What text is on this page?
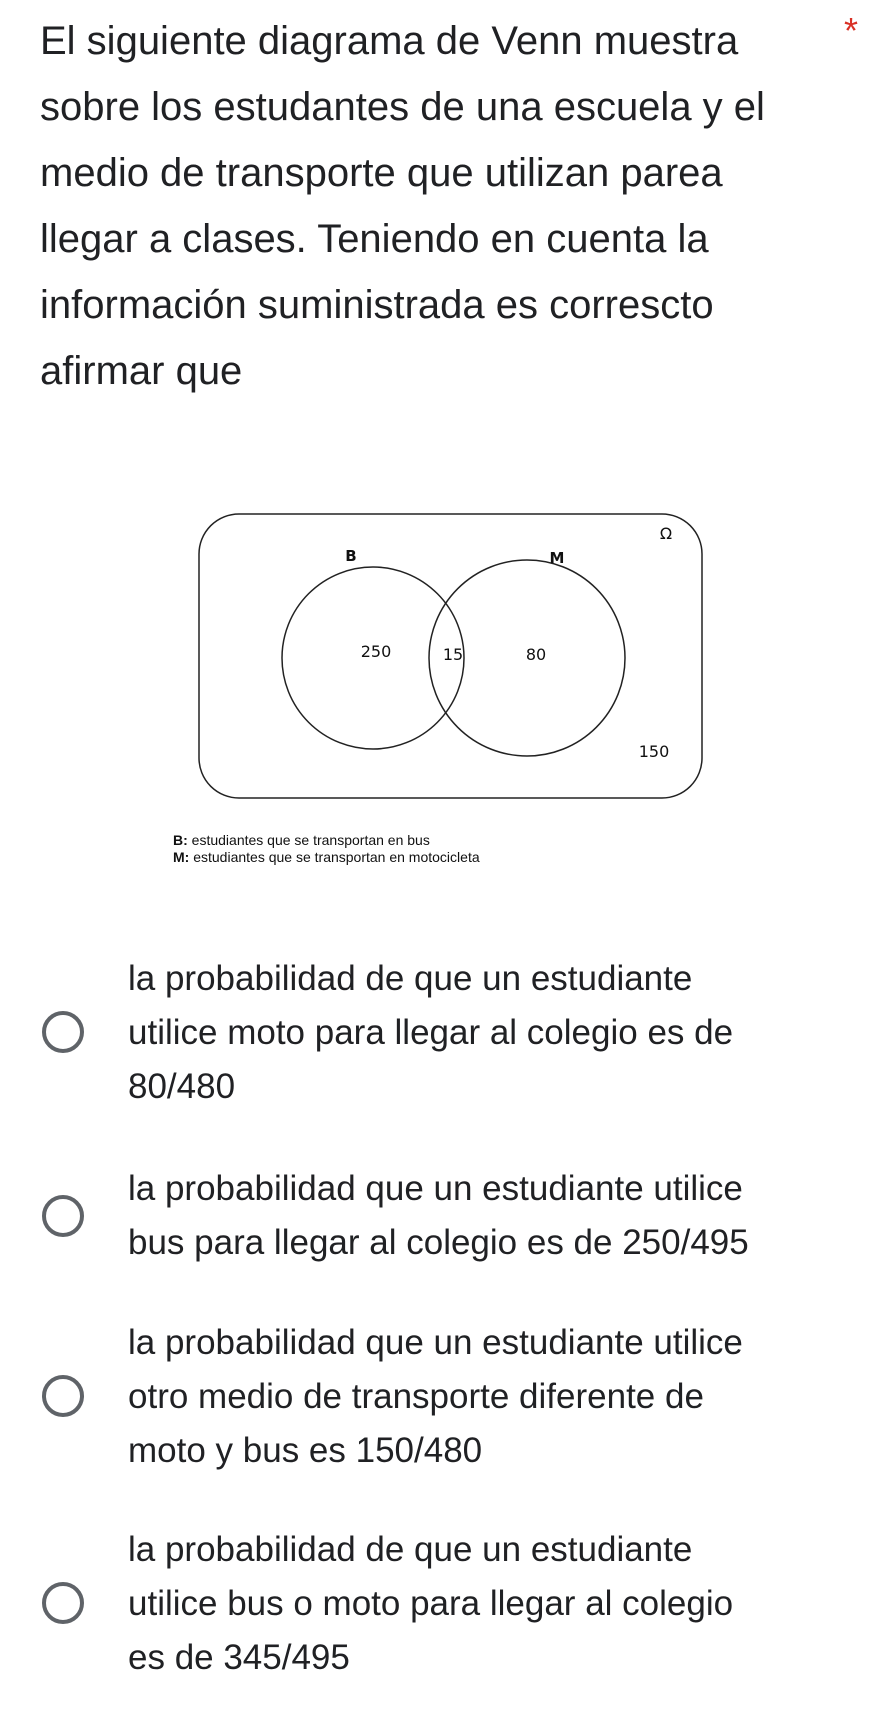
El siguiente diagrama de Venn muestra
sobre los estudantes de una escuela y el
medio de transporte que utilizan parea
llegar a clases. Teniendo en cuenta la
información suministrada es correscto
afirmar que
*
Ω
B	M
250	15	80
150
B: estudiantes que se transportan en bus
M: estudiantes que se transportan en motocicleta
la probabilidad de que un estudiante
utilice moto para llegar al colegio es de
80/480
la probabilidad que un estudiante utilice
bus para llegar al colegio es de 250/495
la probabilidad que un estudiante utilice
otro medio de transporte diferente de
moto y bus es 150/480
la probabilidad de que un estudiante
utilice bus o moto para llegar al colegio
es de 345/495
